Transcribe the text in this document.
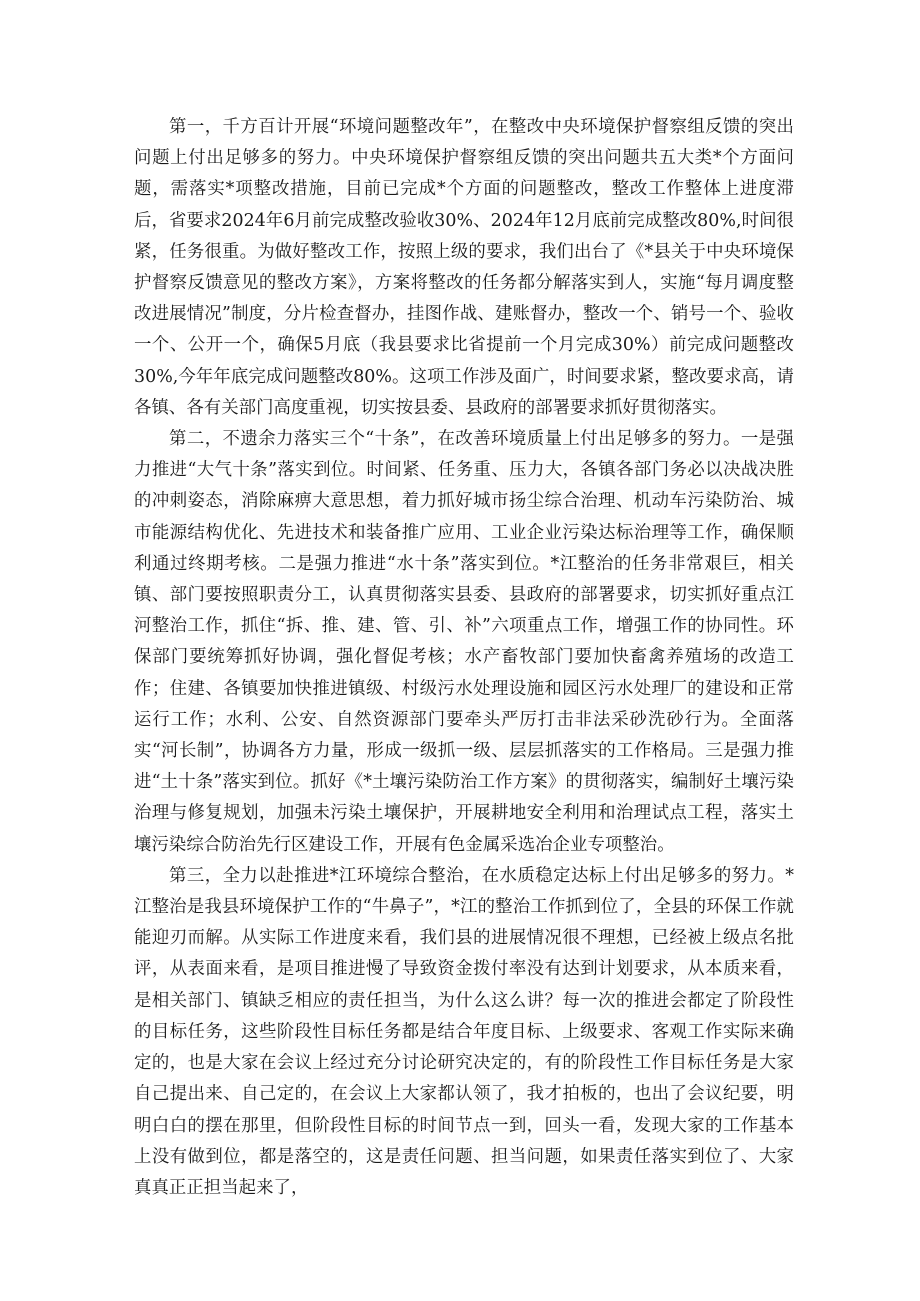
第一，千方百计开展“环境问题整改年”，在整改中央环境保护督察组反馈的突出问题上付出足够多的努力。中央环境保护督察组反馈的突出问题共五大类*个方面问题，需落实*项整改措施，目前已完成*个方面的问题整改，整改工作整体上进度滞后，省要求2024年6月前完成整改验收30%、2024年12月底前完成整改80%,时间很紧，任务很重。为做好整改工作，按照上级的要求，我们出台了《*县关于中央环境保护督察反馈意见的整改方案》，方案将整改的任务都分解落实到人，实施“每月调度整改进展情况”制度，分片检查督办，挂图作战、建账督办，整改一个、销号一个、验收一个、公开一个，确保5月底（我县要求比省提前一个月完成30%）前完成问题整改30%,今年年底完成问题整改80%。这项工作涉及面广，时间要求紧，整改要求高，请各镇、各有关部门高度重视，切实按县委、县政府的部署要求抓好贯彻落实。

第二，不遗余力落实三个“十条”，在改善环境质量上付出足够多的努力。一是强力推进“大气十条”落实到位。时间紧、任务重、压力大，各镇各部门务必以决战决胜的冲刺姿态，消除麻痹大意思想，着力抓好城市扬尘综合治理、机动车污染防治、城市能源结构优化、先进技术和装备推广应用、工业企业污染达标治理等工作，确保顺利通过终期考核。二是强力推进“水十条”落实到位。*江整治的任务非常艰巨，相关镇、部门要按照职责分工，认真贯彻落实县委、县政府的部署要求，切实抓好重点江河整治工作，抓住“拆、推、建、管、引、补”六项重点工作，增强工作的协同性。环保部门要统筹抓好协调，强化督促考核；水产畜牧部门要加快畜禽养殖场的改造工作；住建、各镇要加快推进镇级、村级污水处理设施和园区污水处理厂的建设和正常运行工作；水利、公安、自然资源部门要牵头严厉打击非法采砂洗砂行为。全面落实“河长制”，协调各方力量，形成一级抓一级、层层抓落实的工作格局。三是强力推进“土十条”落实到位。抓好《*土壤污染防治工作方案》的贯彻落实，编制好土壤污染治理与修复规划，加强未污染土壤保护，开展耕地安全利用和治理试点工程，落实土壤污染综合防治先行区建设工作，开展有色金属采选冶企业专项整治。

第三，全力以赴推进*江环境综合整治，在水质稳定达标上付出足够多的努力。*江整治是我县环境保护工作的“牛鼻子”，*江的整治工作抓到位了，全县的环保工作就能迎刃而解。从实际工作进度来看，我们县的进展情况很不理想，已经被上级点名批评，从表面来看，是项目推进慢了导致资金拨付率没有达到计划要求，从本质来看，是相关部门、镇缺乏相应的责任担当，为什么这么讲？每一次的推进会都定了阶段性的目标任务，这些阶段性目标任务都是结合年度目标、上级要求、客观工作实际来确定的，也是大家在会议上经过充分讨论研究决定的，有的阶段性工作目标任务是大家自己提出来、自己定的，在会议上大家都认领了，我才拍板的，也出了会议纪要，明明白白的摆在那里，但阶段性目标的时间节点一到，回头一看，发现大家的工作基本上没有做到位，都是落空的，这是责任问题、担当问题，如果责任落实到位了、大家真真正正担当起来了，
